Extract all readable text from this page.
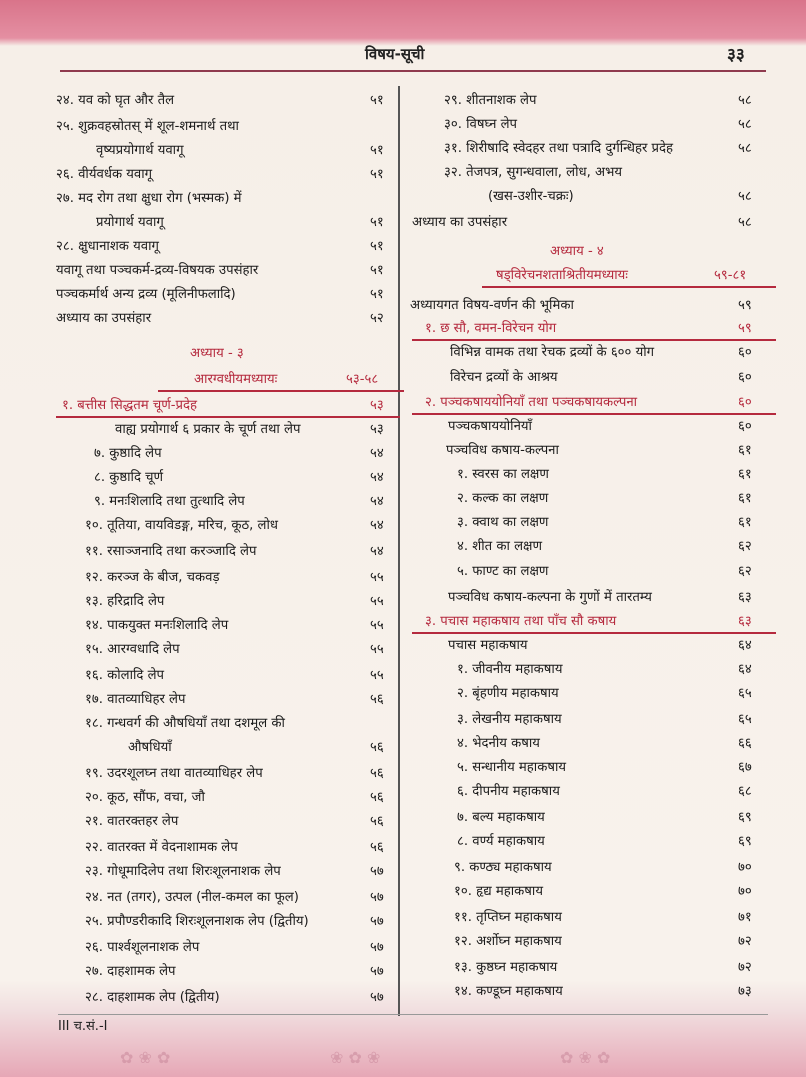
विषय-सूची	३३
२४. यव को घृत और तैल	५१
२५. शुक्रवहस्रोतस् में शूल-शमनार्थ तथा
वृष्यप्रयोगार्थ यवागू	५१
२६. वीर्यवर्धक यवागू	५१
२७. मद रोग तथा क्षुधा रोग (भस्मक) में
प्रयोगार्थ यवागू	५१
२८. क्षुधानाशक यवागू	५१
यवागू तथा पञ्चकर्म-द्रव्य-विषयक उपसंहार	५१
पञ्चकर्मार्थ अन्य द्रव्य (मूलिनीफलादि)	५१
अध्याय का उपसंहार	५२
अध्याय - ३
आरग्वधीयमध्यायः	५३-५८
१. बत्तीस सिद्धतम चूर्ण-प्रदेह	५३
वाह्य प्रयोगार्थ ६ प्रकार के चूर्ण तथा लेप	५३
७. कुष्ठादि लेप	५४
८. कुष्ठादि चूर्ण	५४
९. मनःशिलादि तथा तुत्थादि लेप	५४
१०. तूतिया, वायविडङ्ग, मरिच, कूठ, लोध	५४
११. रसाञ्जनादि तथा करञ्जादि लेप	५४
१२. करञ्ज के बीज, चकवड़	५५
१३. हरिद्रादि लेप	५५
१४. पाकयुक्त मनःशिलादि लेप	५५
१५. आरग्वधादि लेप	५५
१६. कोलादि लेप	५५
१७. वातव्याधिहर लेप	५६
१८. गन्धवर्ग की औषधियाँ तथा दशमूल की
औषधियाँ	५६
१९. उदरशूलघ्न तथा वातव्याधिहर लेप	५६
२०. कूठ, सौंफ, वचा, जौ	५६
२१. वातरक्तहर लेप	५६
२२. वातरक्त में वेदनाशामक लेप	५६
२३. गोधूमादिलेप तथा शिरःशूलनाशक लेप	५७
२४. नत (तगर), उत्पल (नील-कमल का फूल)	५७
२५. प्रपौण्डरीकादि शिरःशूलनाशक लेप (द्वितीय)	५७
२६. पार्श्वशूलनाशक लेप	५७
२७. दाहशामक लेप	५७
२८. दाहशामक लेप (द्वितीय)	५७
२९. शीतनाशक लेप	५८
३०. विषघ्न लेप	५८
३१. शिरीषादि स्वेदहर तथा पत्रादि दुर्गन्धिहर प्रदेह	५८
३२. तेजपत्र, सुगन्धवाला, लोध, अभय
(खस-उशीर-चक्रः)	५८
अध्याय का उपसंहार	५८
अध्याय - ४
षड्विरेचनशताश्रितीयमध्यायः	५९-८१
अध्यायगत विषय-वर्णन की भूमिका	५९
१. छ सौ, वमन-विरेचन योग	५९
विभिन्न वामक तथा रेचक द्रव्यों के ६०० योग	६०
विरेचन द्रव्यों के आश्रय	६०
२. पञ्चकषाययोनियाँ तथा पञ्चकषायकल्पना	६०
पञ्चकषाययोनियाँ	६०
पञ्चविध कषाय-कल्पना	६१
१. स्वरस का लक्षण	६१
२. कल्क का लक्षण	६१
३. क्वाथ का लक्षण	६१
४. शीत का लक्षण	६२
५. फाण्ट का लक्षण	६२
पञ्चविध कषाय-कल्पना के गुणों में तारतम्य	६३
३. पचास महाकषाय तथा पाँच सौ कषाय	६३
पचास महाकषाय	६४
१. जीवनीय महाकषाय	६४
२. बृंहणीय महाकषाय	६५
३. लेखनीय महाकषाय	६५
४. भेदनीय कषाय	६६
५. सन्धानीय महाकषाय	६७
६. दीपनीय महाकषाय	६८
७. बल्य महाकषाय	६९
८. वर्ण्य महाकषाय	६९
९. कण्ठ्य महाकषाय	७०
१०. हृद्य महाकषाय	७०
११. तृप्तिघ्न महाकषाय	७१
१२. अर्शोघ्न महाकषाय	७२
१३. कुष्ठघ्न महाकषाय	७२
१४. कण्डूघ्न महाकषाय	७३
III च.सं.-I
✿ ❀ ✿	❀ ✿ ❀	✿ ❀ ✿
